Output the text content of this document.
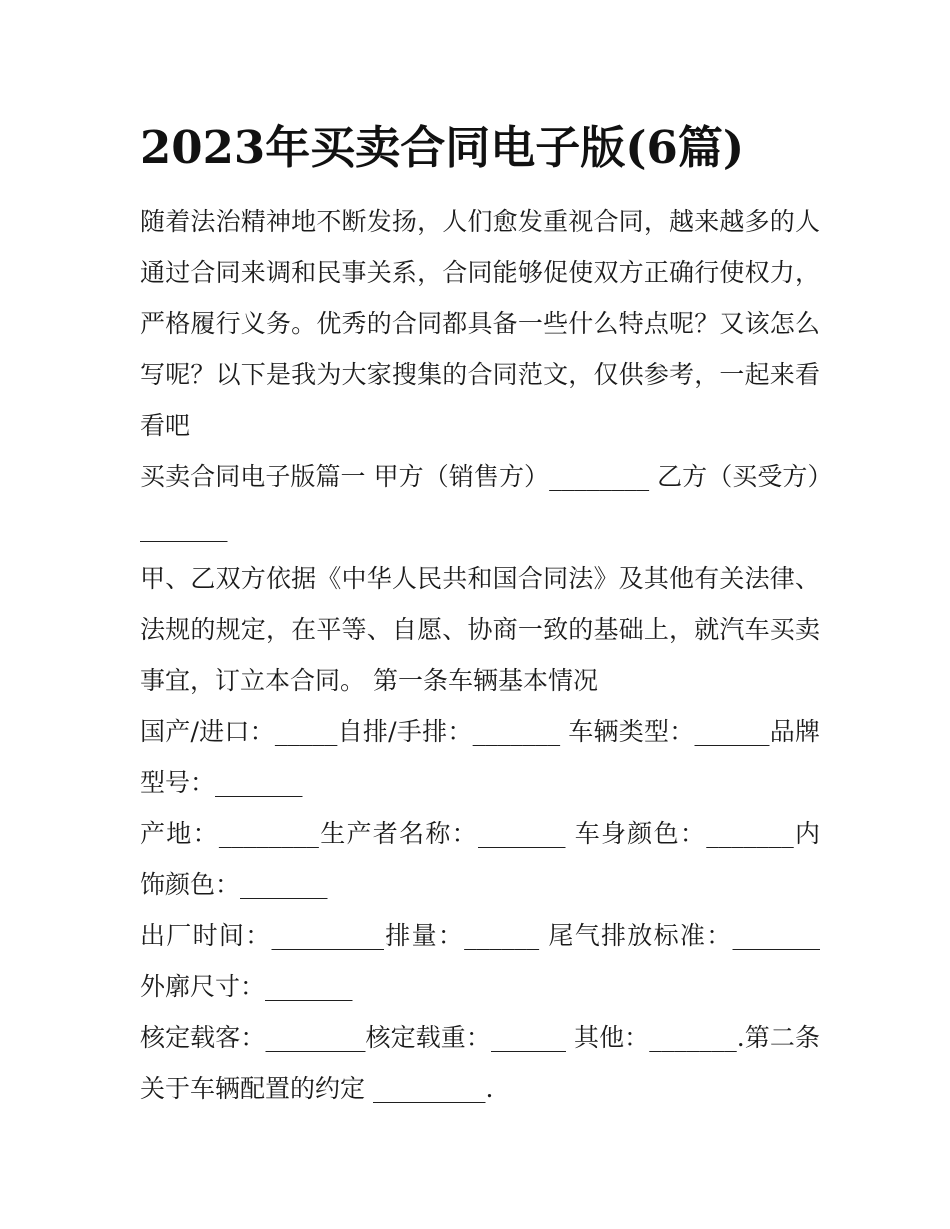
2023年买卖合同电子版(6篇)

随着法治精神地不断发扬，人们愈发重视合同，越来越多的人通过合同来调和民事关系，合同能够促使双方正确行使权力，严格履行义务。优秀的合同都具备一些什么特点呢？又该怎么写呢？以下是我为大家搜集的合同范文，仅供参考，一起来看看吧

买卖合同电子版篇一 甲方（销售方）________ 乙方（买受方）_______

甲、乙双方依据《中华人民共和国合同法》及其他有关法律、法规的规定，在平等、自愿、协商一致的基础上，就汽车买卖事宜，订立本合同。 第一条车辆基本情况

国产/进口：_____自排/手排：_______ 车辆类型：______品牌型号：_______

产地：________生产者名称：_______ 车身颜色：_______内饰颜色：_______

出厂时间：_________排量：______ 尾气排放标准：_______外廓尺寸：_______

核定载客：________核定载重：______ 其他：_______.第二条关于车辆配置的约定 _________.
